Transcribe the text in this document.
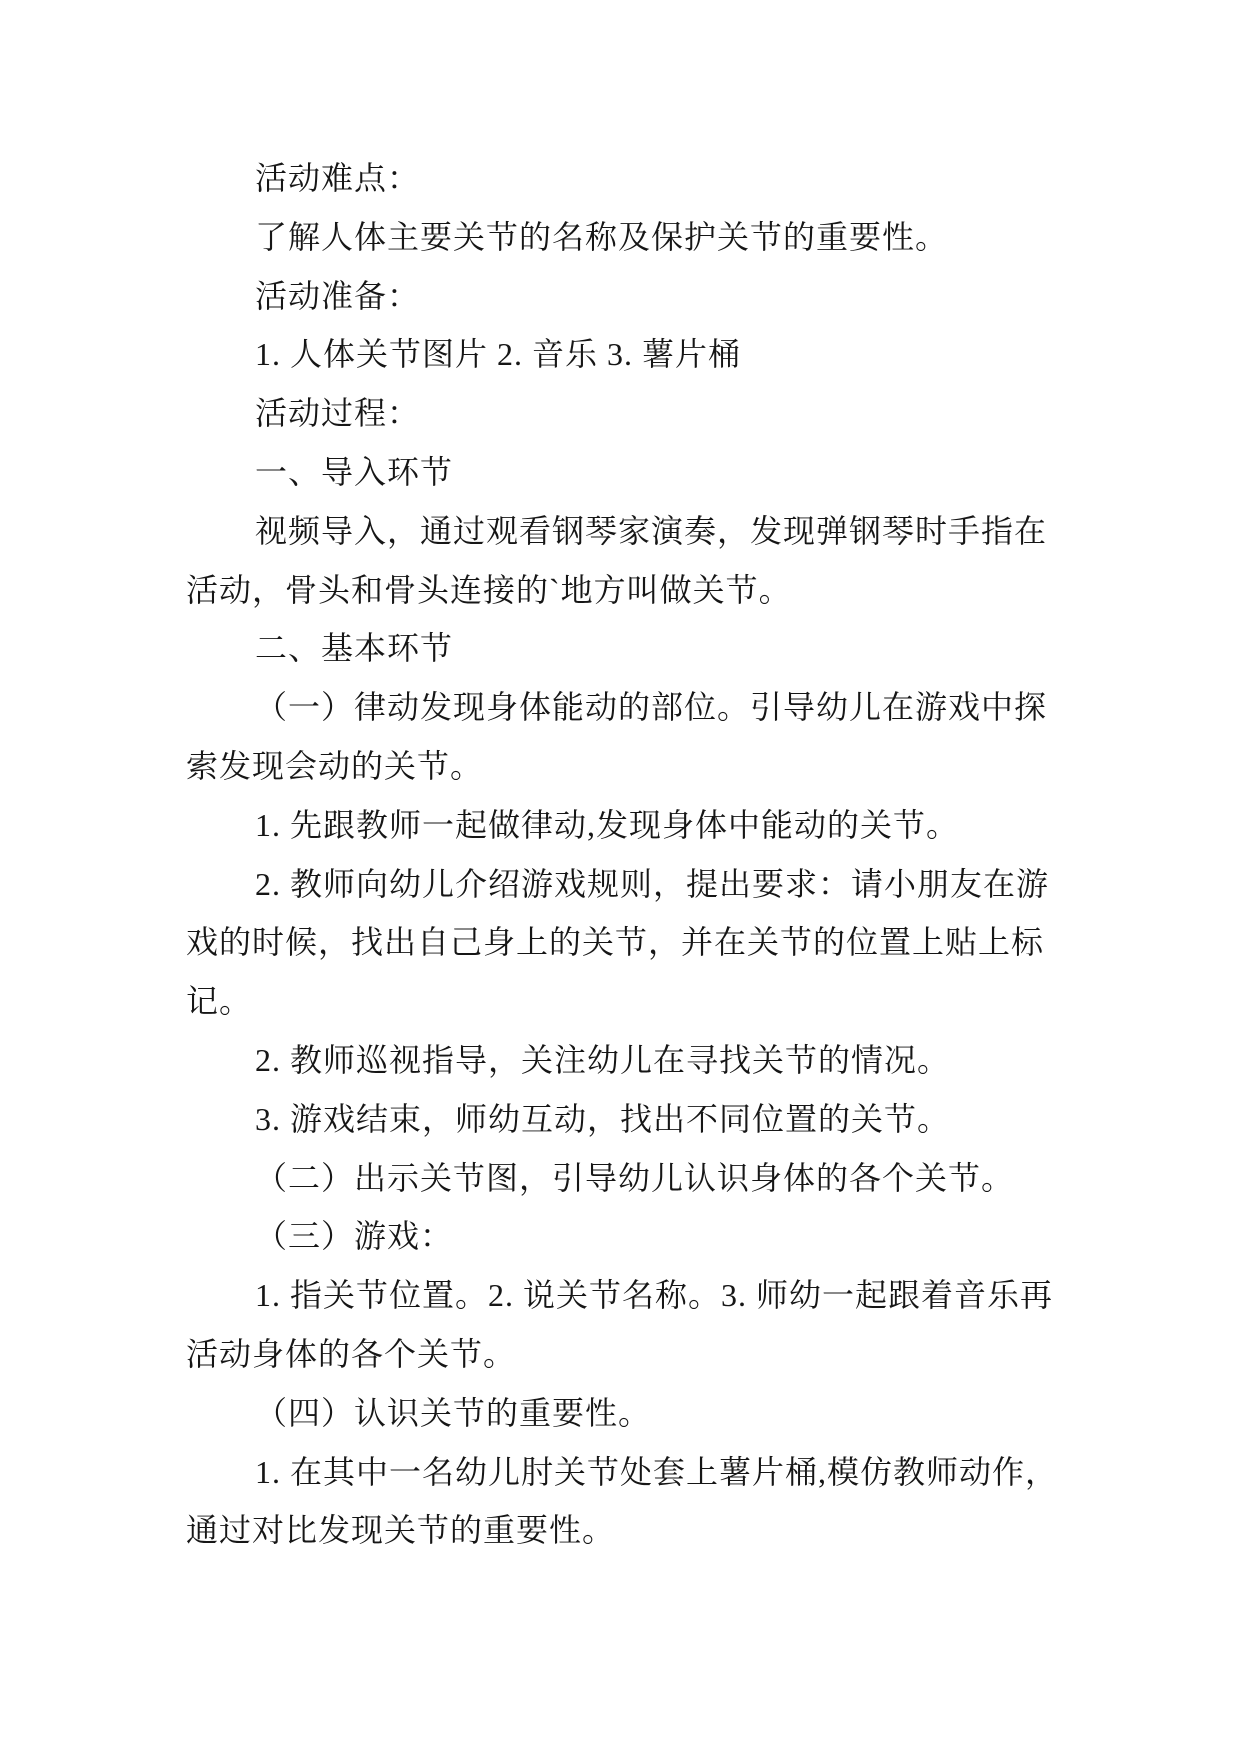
活动难点：
了解人体主要关节的名称及保护关节的重要性。
活动准备：
1. 人体关节图片 2. 音乐 3. 薯片桶
活动过程：
一、导入环节
视频导入，通过观看钢琴家演奏，发现弹钢琴时手指在
活动，骨头和骨头连接的`地方叫做关节。
二、基本环节
（一）律动发现身体能动的部位。引导幼儿在游戏中探
索发现会动的关节。
1. 先跟教师一起做律动,发现身体中能动的关节。
2. 教师向幼儿介绍游戏规则，提出要求：请小朋友在游
戏的时候，找出自己身上的关节，并在关节的位置上贴上标
记。
2. 教师巡视指导，关注幼儿在寻找关节的情况。
3. 游戏结束，师幼互动，找出不同位置的关节。
（二）出示关节图，引导幼儿认识身体的各个关节。
（三）游戏：
1. 指关节位置。2. 说关节名称。3. 师幼一起跟着音乐再
活动身体的各个关节。
（四）认识关节的重要性。
1. 在其中一名幼儿肘关节处套上薯片桶,模仿教师动作，
通过对比发现关节的重要性。
